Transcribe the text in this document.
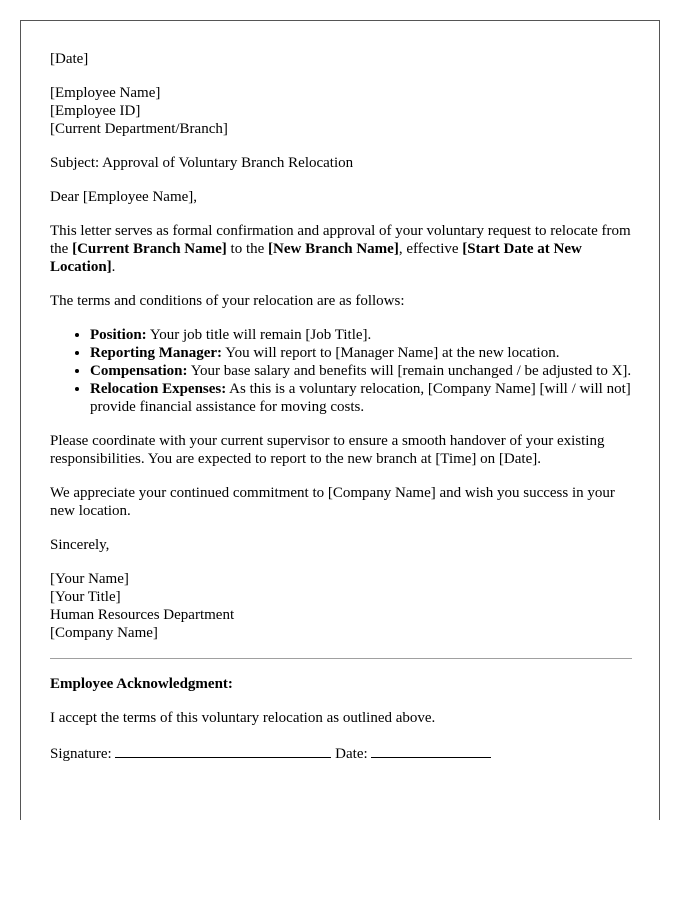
[Date]

[Employee Name]
[Employee ID]
[Current Department/Branch]

Subject: Approval of Voluntary Branch Relocation

Dear [Employee Name],

This letter serves as formal confirmation and approval of your voluntary request to relocate from the [Current Branch Name] to the [New Branch Name], effective [Start Date at New Location].

The terms and conditions of your relocation are as follows:

• Position: Your job title will remain [Job Title].
• Reporting Manager: You will report to [Manager Name] at the new location.
• Compensation: Your base salary and benefits will [remain unchanged / be adjusted to X].
• Relocation Expenses: As this is a voluntary relocation, [Company Name] [will / will not] provide financial assistance for moving costs.

Please coordinate with your current supervisor to ensure a smooth handover of your existing responsibilities. You are expected to report to the new branch at [Time] on [Date].

We appreciate your continued commitment to [Company Name] and wish you success in your new location.

Sincerely,

[Your Name]
[Your Title]
Human Resources Department
[Company Name]

Employee Acknowledgment:

I accept the terms of this voluntary relocation as outlined above.

Signature:	Date:
